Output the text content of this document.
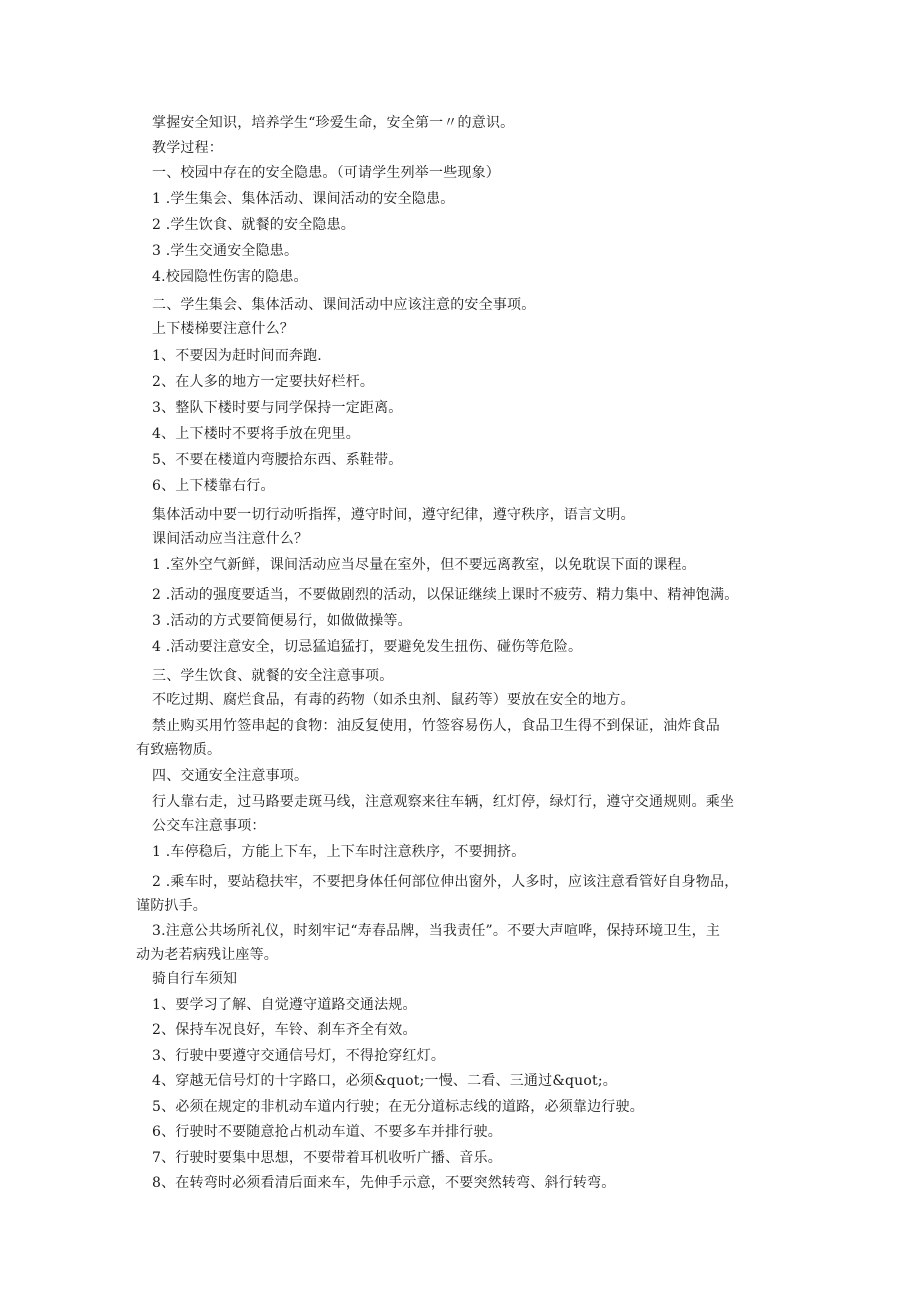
掌握安全知识，培养学生“珍爱生命，安全第一〃的意识。
教学过程：
一、校园中存在的安全隐患。（可请学生列举一些现象）
1 .学生集会、集体活动、课间活动的安全隐患。
2 .学生饮食、就餐的安全隐患。
3 .学生交通安全隐患。
4.校园隐性伤害的隐患。
二、学生集会、集体活动、课间活动中应该注意的安全事项。
上下楼梯要注意什么？
1、不要因为赶时间而奔跑.
2、在人多的地方一定要扶好栏杆。
3、整队下楼时要与同学保持一定距离。
4、上下楼时不要将手放在兜里。
5、不要在楼道内弯腰拾东西、系鞋带。
6、上下楼靠右行。
集体活动中要一切行动听指挥，遵守时间，遵守纪律，遵守秩序，语言文明。
课间活动应当注意什么？
1 .室外空气新鲜，课间活动应当尽量在室外，但不要远离教室，以免耽误下面的课程。
2 .活动的强度要适当，不要做剧烈的活动，以保证继续上课时不疲劳、精力集中、精神饱满。
3 .活动的方式要简便易行，如做做操等。
4 .活动要注意安全，切忌猛追猛打，要避免发生扭伤、碰伤等危险。
三、学生饮食、就餐的安全注意事项。
不吃过期、腐烂食品，有毒的药物（如杀虫剂、鼠药等）要放在安全的地方。
禁止购买用竹签串起的食物：油反复使用，竹签容易伤人，食品卫生得不到保证，油炸食品
有致癌物质。
四、交通安全注意事项。
行人靠右走，过马路要走斑马线，注意观察来往车辆，红灯停，绿灯行，遵守交通规则。乘坐
公交车注意事项：
1 .车停稳后，方能上下车，上下车时注意秩序，不要拥挤。
2 .乘车时，要站稳扶牢，不要把身体任何部位伸出窗外，人多时，应该注意看管好自身物品，
谨防扒手。
3.注意公共场所礼仪，时刻牢记“寿春品牌，当我责任”。不要大声喧哗，保持环境卫生，主
动为老若病残让座等。
骑自行车须知
1、要学习了解、自觉遵守道路交通法规。
2、保持车况良好，车铃、刹车齐全有效。
3、行驶中要遵守交通信号灯，不得抢穿红灯。
4、穿越无信号灯的十字路口，必须&quot;一慢、二看、三通过&quot;。
5、必须在规定的非机动车道内行驶；在无分道标志线的道路，必须靠边行驶。
6、行驶时不要随意抢占机动车道、不要多车并排行驶。
7、行驶时要集中思想，不要带着耳机收听广播、音乐。
8、在转弯时必须看清后面来车，先伸手示意，不要突然转弯、斜行转弯。
